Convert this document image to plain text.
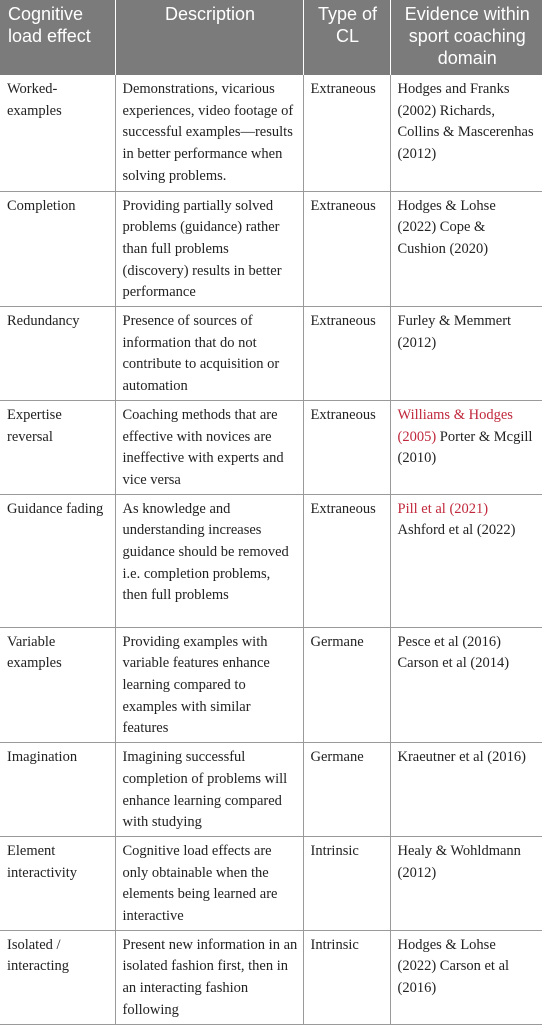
Cognitive load effect	Description	Type of CL	Evidence within sport coaching domain
Worked-examples	Demonstrations, vicarious experiences, video footage of successful examples—results in better performance when solving problems.	Extraneous	Hodges and Franks (2002) Richards, Collins & Mascerenhas (2012)
Completion	Providing partially solved problems (guidance) rather than full problems (discovery) results in better performance	Extraneous	Hodges & Lohse (2022) Cope & Cushion (2020)
Redundancy	Presence of sources of information that do not contribute to acquisition or automation	Extraneous	Furley & Memmert (2012)
Expertise reversal	Coaching methods that are effective with novices are ineffective with experts and vice versa	Extraneous	Williams & Hodges (2005) Porter & Mcgill (2010)
Guidance fading	As knowledge and understanding increases guidance should be removed i.e. completion problems, then full problems	Extraneous	Pill et al (2021) Ashford et al (2022)
Variable examples	Providing examples with variable features enhance learning compared to examples with similar features	Germane	Pesce et al (2016) Carson et al (2014)
Imagination	Imagining successful completion of problems will enhance learning compared with studying	Germane	Kraeutner et al (2016)
Element interactivity	Cognitive load effects are only obtainable when the elements being learned are interactive	Intrinsic	Healy & Wohldmann (2012)
Isolated / interacting	Present new information in an isolated fashion first, then in an interacting fashion following	Intrinsic	Hodges & Lohse (2022) Carson et al (2016)
